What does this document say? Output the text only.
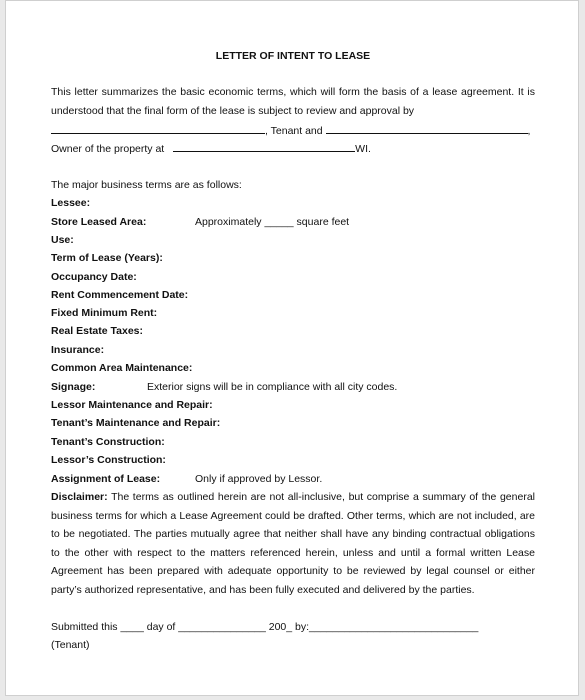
LETTER OF INTENT TO LEASE
This letter summarizes the basic economic terms, which will form the basis of a lease agreement. It is understood that the final form of the lease is subject to review and approval by
, Tenant and	,
Owner of the property at	WI.
The major business terms are as follows:
Lessee:
Store Leased Area:	Approximately _____ square feet
Use:
Term of Lease (Years):
Occupancy Date:
Rent Commencement Date:
Fixed Minimum Rent:
Real Estate Taxes:
Insurance:
Common Area Maintenance:
Signage:	Exterior signs will be in compliance with all city codes.
Lessor Maintenance and Repair:
Tenant’s Maintenance and Repair:
Tenant’s Construction:
Lessor’s Construction:
Assignment of Lease:	Only if approved by Lessor.
Disclaimer: The terms as outlined herein are not all-inclusive, but comprise a summary of the general business terms for which a Lease Agreement could be drafted. Other terms, which are not included, are to be negotiated. The parties mutually agree that neither shall have any binding contractual obligations to the other with respect to the matters referenced herein, unless and until a formal written Lease Agreement has been prepared with adequate opportunity to be reviewed by legal counsel or either party’s authorized representative, and has been fully executed and delivered by the parties.
Submitted this ____ day of _______________ 200_ by:_____________________________
(Tenant)
